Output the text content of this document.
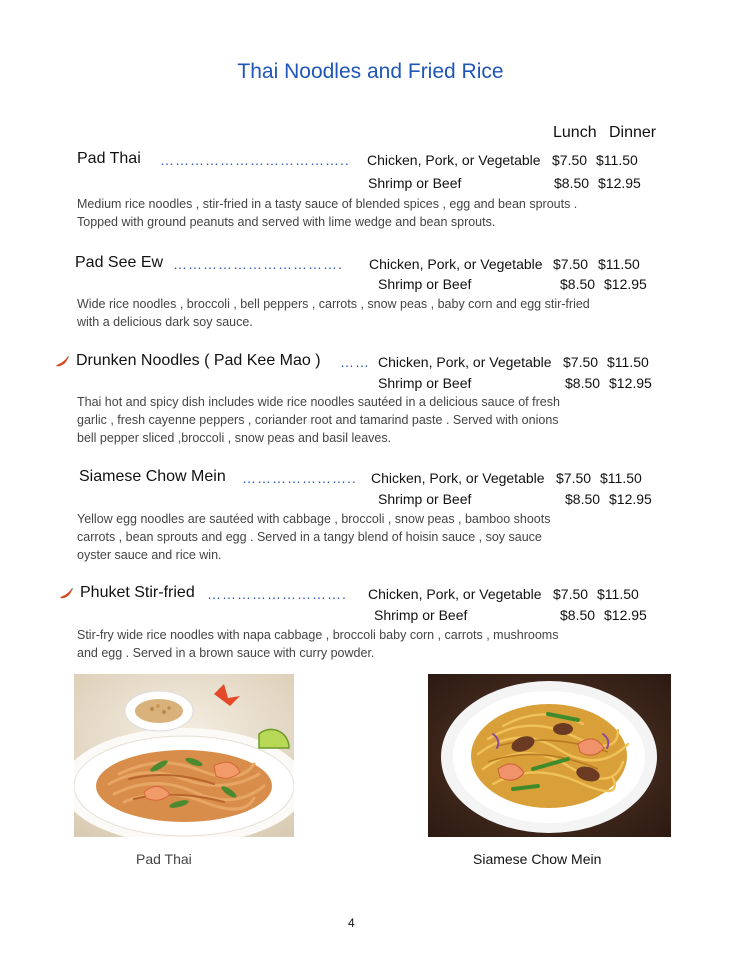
Thai Noodles and Fried Rice
Lunch Dinner
Pad Thai ……………………………….. Chicken, Pork, or Vegetable $7.50 $11.50
Shrimp or Beef	$8.50 $12.95
Medium rice noodles , stir-fried in a tasty sauce of blended spices , egg and bean sprouts .
Topped with ground peanuts and served with lime wedge and bean sprouts.
Pad See Ew ……………………………. Chicken, Pork, or Vegetable $7.50 $11.50
Shrimp or Beef	$8.50 $12.95
Wide rice noodles , broccoli , bell peppers , carrots , snow peas , baby corn and egg stir-fried
with a delicious dark soy sauce.
Drunken Noodles ( Pad Kee Mao ) …… Chicken, Pork, or Vegetable $7.50 $11.50
Shrimp or Beef	$8.50 $12.95
Thai hot and spicy dish includes wide rice noodles sautéed in a delicious sauce of fresh
garlic , fresh cayenne peppers , coriander root and tamarind paste . Served with onions
bell pepper sliced ,broccoli , snow peas and basil leaves.
Siamese Chow Mein ………………….. Chicken, Pork, or Vegetable $7.50 $11.50
Shrimp or Beef	$8.50 $12.95
Yellow egg noodles are sautéed with cabbage , broccoli , snow peas , bamboo shoots
carrots , bean sprouts and egg . Served in a tangy blend of hoisin sauce , soy sauce
oyster sauce and rice win.
Phuket Stir-fried ………………………. Chicken, Pork, or Vegetable $7.50 $11.50
Shrimp or Beef	$8.50 $12.95
Stir-fry wide rice noodles with napa cabbage , broccoli baby corn , carrots , mushrooms
and egg . Served in a brown sauce with curry powder.
Pad Thai	Siamese Chow Mein
4
